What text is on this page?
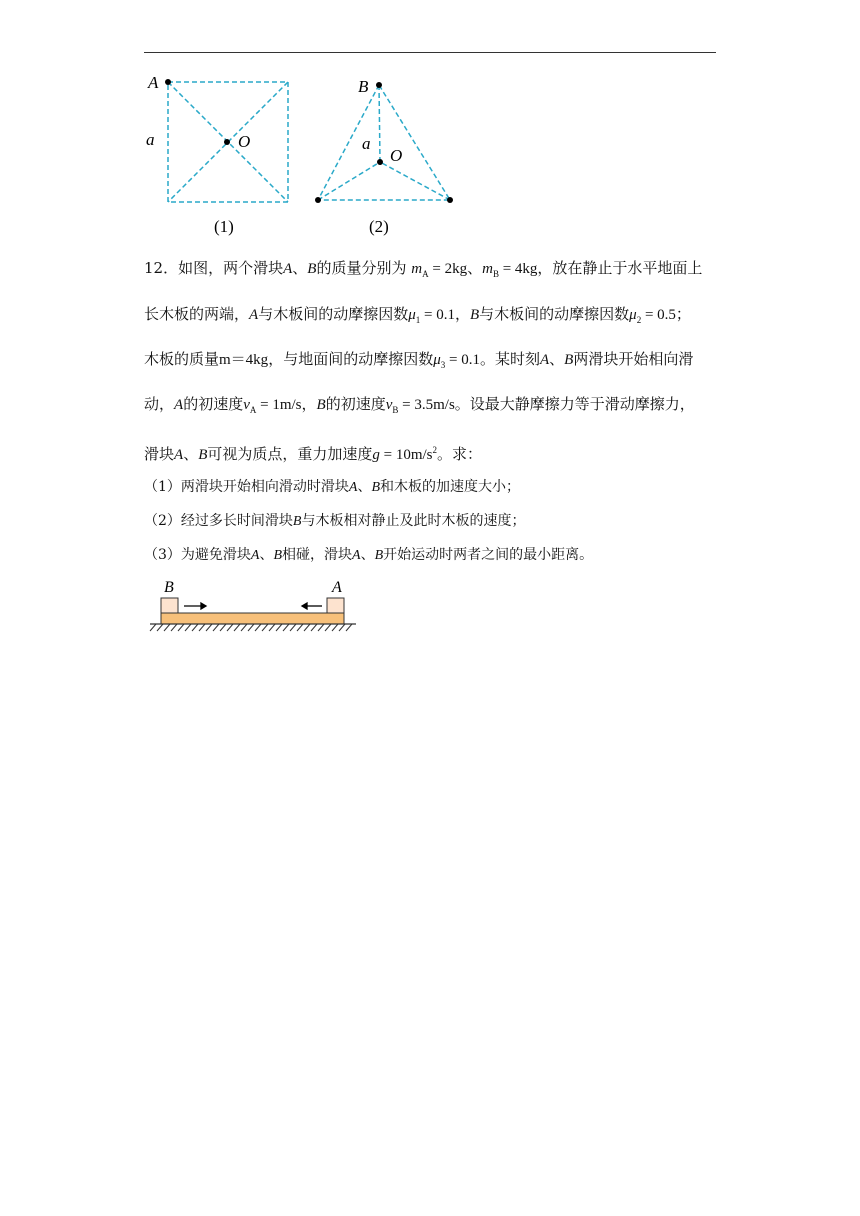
A
a	O
(1)
B
a
O
(2)
12．如图，两个滑块A、B的质量分别为 $m_A = 2kg$、$m_B = 4kg$，放在静止于水平地面上
长木板的两端，A与木板间的动摩擦因数$\mu_1 = 0.1$，B与木板间的动摩擦因数$\mu_2 = 0.5$；
木板的质量m＝4kg，与地面间的动摩擦因数$\mu_3 = 0.1$。某时刻A、B两滑块开始相向滑
动，A的初速度$v_A = 1m/s$，B的初速度$v_B = 3.5m/s$。设最大静摩擦力等于滑动摩擦力，
滑块A、B可视为质点，重力加速度$g = 10m/s^2$。求：
（1）两滑块开始相向滑动时滑块A、B和木板的加速度大小；
（2）经过多长时间滑块B与木板相对静止及此时木板的速度；
（3）为避免滑块A、B相碰，滑块A、B开始运动时两者之间的最小距离。
B	A
